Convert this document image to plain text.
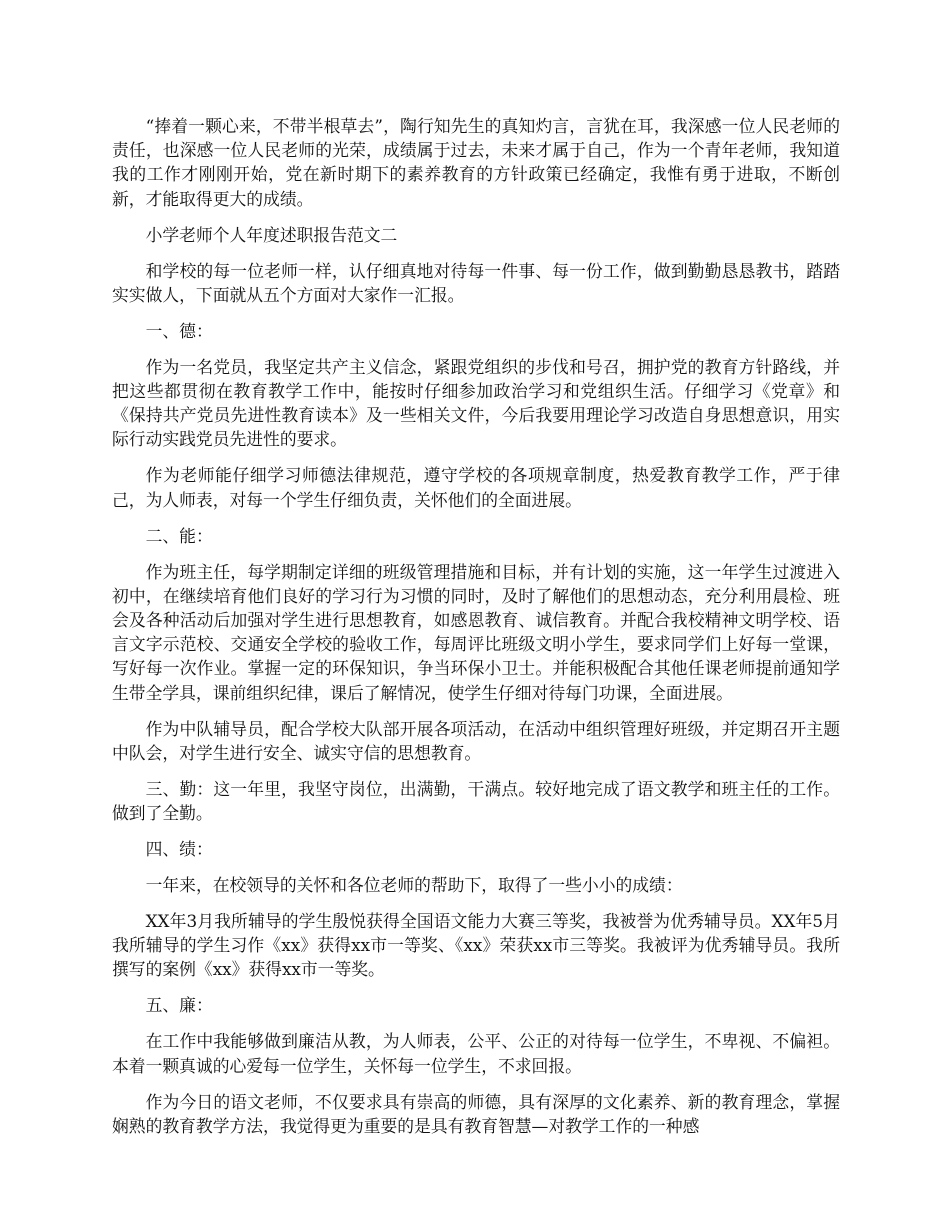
“捧着一颗心来，不带半根草去”，陶行知先生的真知灼言，言犹在耳，我深感一位人民老师的责任，也深感一位人民老师的光荣，成绩属于过去，未来才属于自己，作为一个青年老师，我知道我的工作才刚刚开始，党在新时期下的素养教育的方针政策已经确定，我惟有勇于进取，不断创新，才能取得更大的成绩。

小学老师个人年度述职报告范文二

和学校的每一位老师一样，认仔细真地对待每一件事、每一份工作，做到勤勤恳恳教书，踏踏实实做人，下面就从五个方面对大家作一汇报。

一、德：

作为一名党员，我坚定共产主义信念，紧跟党组织的步伐和号召，拥护党的教育方针路线，并把这些都贯彻在教育教学工作中，能按时仔细参加政治学习和党组织生活。仔细学习《党章》和《保持共产党员先进性教育读本》及一些相关文件，今后我要用理论学习改造自身思想意识，用实际行动实践党员先进性的要求。

作为老师能仔细学习师德法律规范，遵守学校的各项规章制度，热爱教育教学工作，严于律己，为人师表，对每一个学生仔细负责，关怀他们的全面进展。

二、能：

作为班主任，每学期制定详细的班级管理措施和目标，并有计划的实施，这一年学生过渡进入初中，在继续培育他们良好的学习行为习惯的同时，及时了解他们的思想动态，充分利用晨检、班会及各种活动后加强对学生进行思想教育，如感恩教育、诚信教育。并配合我校精神文明学校、语言文字示范校、交通安全学校的验收工作，每周评比班级文明小学生，要求同学们上好每一堂课，写好每一次作业。掌握一定的环保知识，争当环保小卫士。并能积极配合其他任课老师提前通知学生带全学具，课前组织纪律，课后了解情况，使学生仔细对待每门功课，全面进展。

作为中队辅导员，配合学校大队部开展各项活动，在活动中组织管理好班级，并定期召开主题中队会，对学生进行安全、诚实守信的思想教育。

三、勤：这一年里，我坚守岗位，出满勤，干满点。较好地完成了语文教学和班主任的工作。做到了全勤。

四、绩：

一年来，在校领导的关怀和各位老师的帮助下，取得了一些小小的成绩：

XX年3月我所辅导的学生殷悦获得全国语文能力大赛三等奖，我被誉为优秀辅导员。XX年5月我所辅导的学生习作《xx》获得xx市一等奖、《xx》荣获xx市三等奖。我被评为优秀辅导员。我所撰写的案例《xx》获得xx市一等奖。

五、廉：

在工作中我能够做到廉洁从教，为人师表，公平、公正的对待每一位学生，不卑视、不偏袒。本着一颗真诚的心爱每一位学生，关怀每一位学生，不求回报。

作为今日的语文老师，不仅要求具有崇高的师德，具有深厚的文化素养、新的教育理念，掌握娴熟的教育教学方法，我觉得更为重要的是具有教育智慧—对教学工作的一种感
